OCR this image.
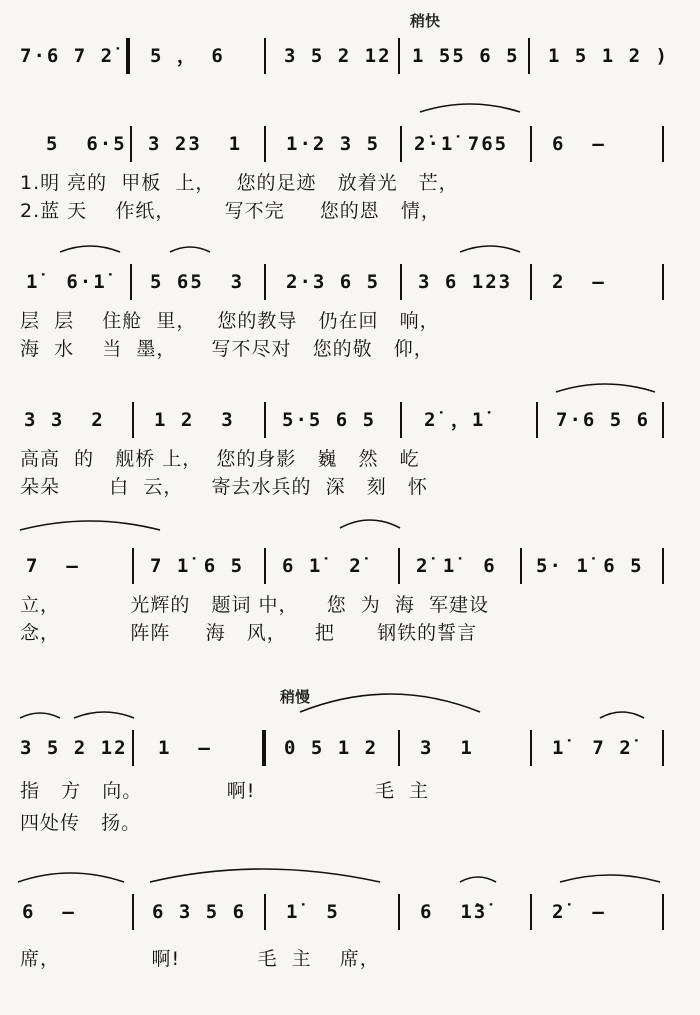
稍快
7·6 7 2̇ 5 ， 6	3 5 2 12 1 55 6 5 1 5 1 2 )
5  6·5 3 23  1 1·2 3 5 2̇·1̇ 765 6  –
1.明 亮的  甲板  上，   您的足迹   放着光   芒，
2.蓝 天    作纸，       写不完     您的恩   情，
1̇  6·1̇ 5 65  3 2·3 6 5 3 6 123 2  –
层  层    住舱  里，   您的教导   仍在回   响，
海  水    当  墨，     写不尽对   您的敬   仰，
3 3  2	1 2  3 5·5 6 5	2̇ ，1̇	7·6 5 6
高高  的   舰桥 上，  您的身影   巍   然   屹
朵朵       白  云，    寄去水兵的  深   刻   怀
7  –	7 1̇ 6 5 6 1̇  2̇	2̇ 1̇  6 5· 1̇ 6 5
立，          光辉的   题词 中，    您  为  海  军建设
念，          阵阵     海   风，    把      钢铁的誓言
稍慢
3 5 2 12 1  –	0 5 1 2 3  1	1̇  7 2̇
指   方   向。            啊!                 毛  主
四处传   扬。
6  –	6 3 5 6 1̇  5	6  1̇3̇	2̇  –
席，             啊!           毛  主    席，
